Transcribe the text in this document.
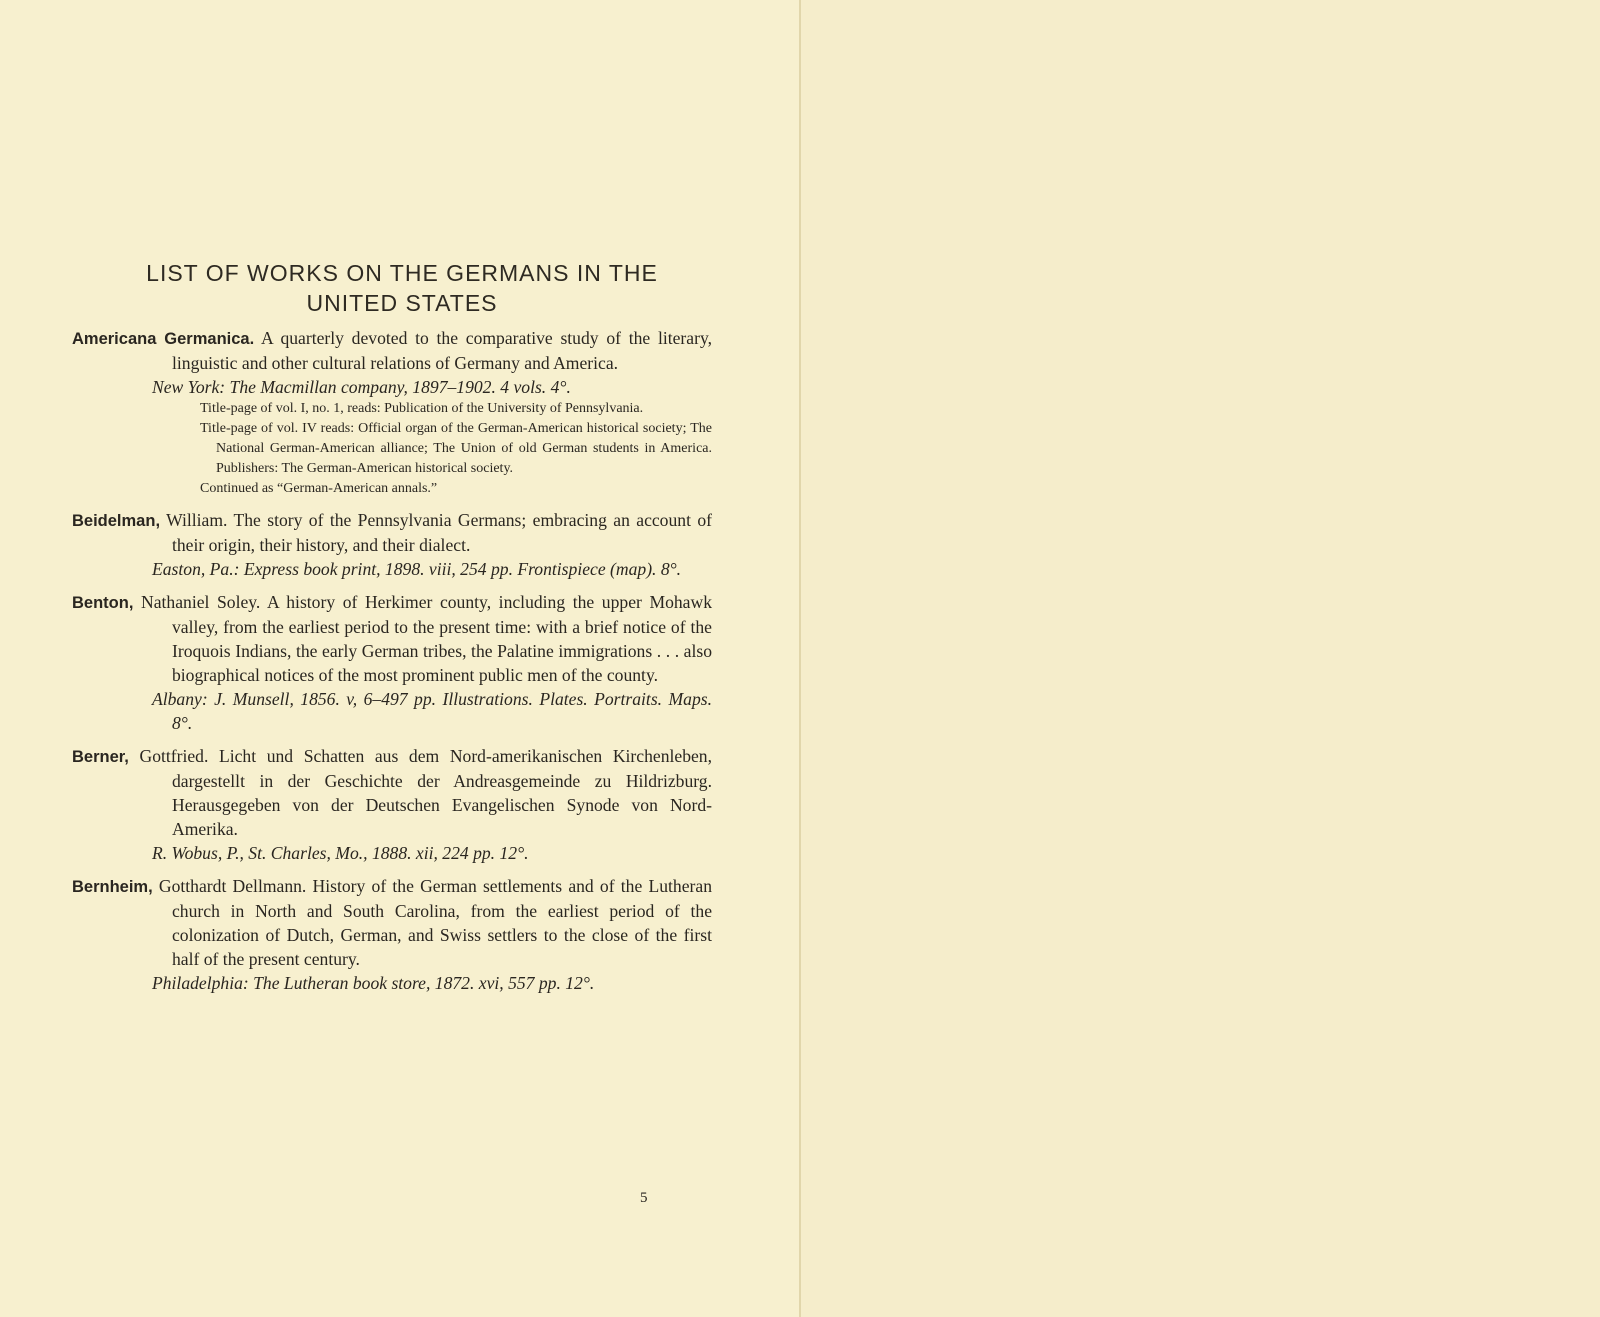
LIST OF WORKS ON THE GERMANS IN THE
UNITED STATES
Americana Germanica. A quarterly devoted to the comparative study of the literary, linguistic and other cultural relations of Germany and America.
New York: The Macmillan company, 1897–1902. 4 vols. 4°.
Title-page of vol. I, no. 1, reads: Publication of the University of Pennsylvania.
Title-page of vol. IV reads: Official organ of the German-American historical society; The National German-American alliance; The Union of old German students in America. Publishers: The German-American historical society.
Continued as “German-American annals.”
Beidelman, William. The story of the Pennsylvania Germans; embracing an account of their origin, their history, and their dialect.
Easton, Pa.: Express book print, 1898. viii, 254 pp. Frontispiece (map). 8°.
Benton, Nathaniel Soley. A history of Herkimer county, including the upper Mohawk valley, from the earliest period to the present time: with a brief notice of the Iroquois Indians, the early German tribes, the Palatine immigrations . . . also biographical notices of the most prominent public men of the county.
Albany: J. Munsell, 1856. v, 6–497 pp. Illustrations. Plates. Portraits. Maps. 8°.
Berner, Gottfried. Licht und Schatten aus dem Nord-amerikanischen Kirchenleben, dargestellt in der Geschichte der Andreasgemeinde zu Hildrizburg. Herausgegeben von der Deutschen Evangelischen Synode von Nord-Amerika.
R. Wobus, P., St. Charles, Mo., 1888. xii, 224 pp. 12°.
Bernheim, Gotthardt Dellmann. History of the German settlements and of the Lutheran church in North and South Carolina, from the earliest period of the colonization of Dutch, German, and Swiss settlers to the close of the first half of the present century.
Philadelphia: The Lutheran book store, 1872. xvi, 557 pp. 12°.
5
